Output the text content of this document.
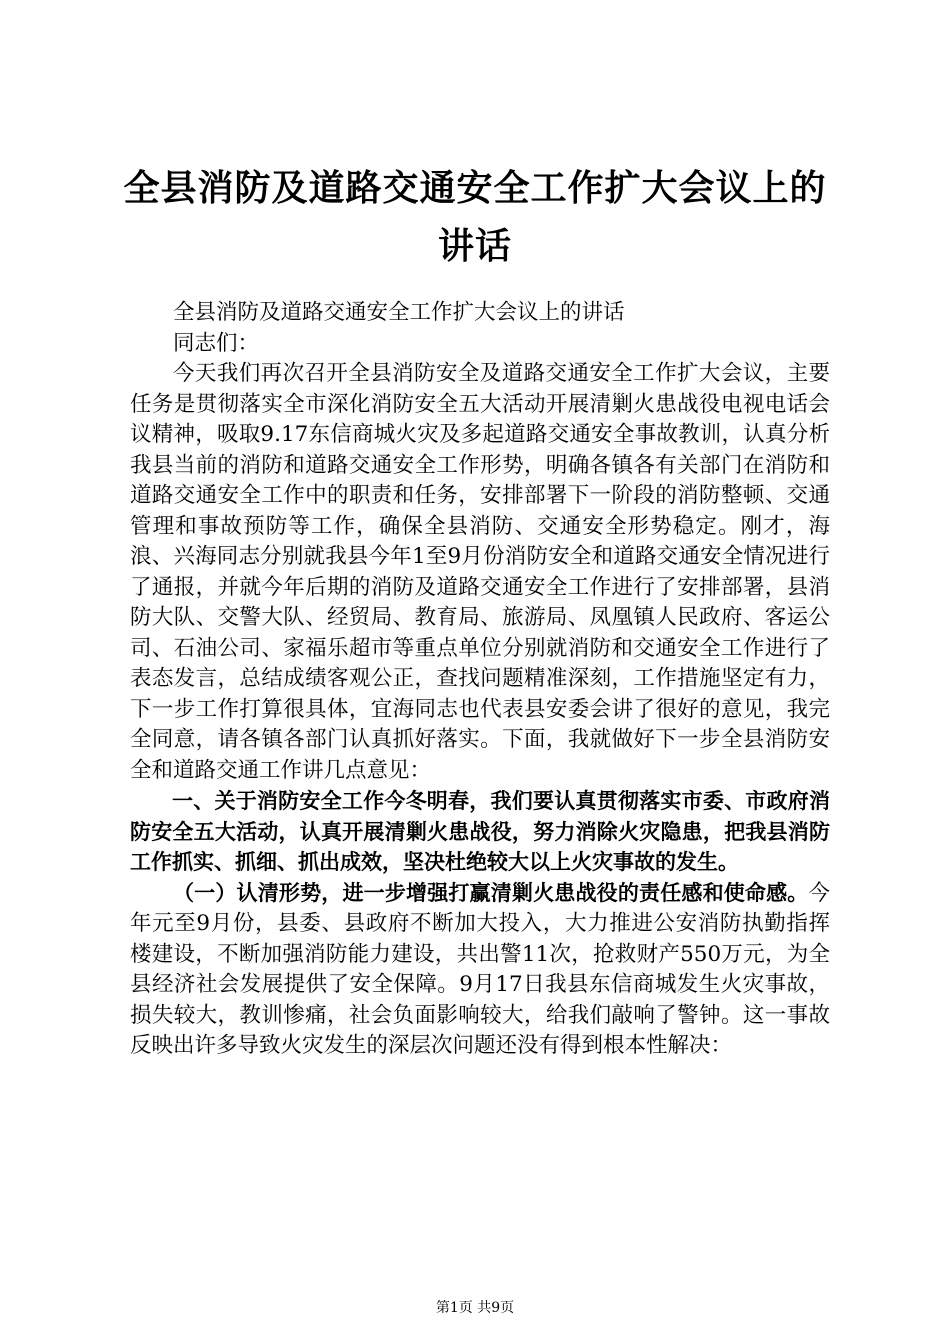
全县消防及道路交通安全工作扩大会议上的讲话

全县消防及道路交通安全工作扩大会议上的讲话

同志们：

今天我们再次召开全县消防安全及道路交通安全工作扩大会议，主要任务是贯彻落实全市深化消防安全五大活动开展清剿火患战役电视电话会议精神，吸取9.17东信商城火灾及多起道路交通安全事故教训，认真分析我县当前的消防和道路交通安全工作形势，明确各镇各有关部门在消防和道路交通安全工作中的职责和任务，安排部署下一阶段的消防整顿、交通管理和事故预防等工作，确保全县消防、交通安全形势稳定。刚才，海浪、兴海同志分别就我县今年1至9月份消防安全和道路交通安全情况进行了通报，并就今年后期的消防及道路交通安全工作进行了安排部署，县消防大队、交警大队、经贸局、教育局、旅游局、凤凰镇人民政府、客运公司、石油公司、家福乐超市等重点单位分别就消防和交通安全工作进行了表态发言，总结成绩客观公正，查找问题精准深刻，工作措施坚定有力，下一步工作打算很具体，宜海同志也代表县安委会讲了很好的意见，我完全同意，请各镇各部门认真抓好落实。下面，我就做好下一步全县消防安全和道路交通工作讲几点意见：

一、关于消防安全工作今冬明春，我们要认真贯彻落实市委、市政府消防安全五大活动，认真开展清剿火患战役，努力消除火灾隐患，把我县消防工作抓实、抓细、抓出成效，坚决杜绝较大以上火灾事故的发生。

（一）认清形势，进一步增强打赢清剿火患战役的责任感和使命感。今年元至9月份，县委、县政府不断加大投入，大力推进公安消防执勤指挥楼建设，不断加强消防能力建设，共出警11次，抢救财产550万元，为全县经济社会发展提供了安全保障。9月17日我县东信商城发生火灾事故，损失较大，教训惨痛，社会负面影响较大，给我们敲响了警钟。这一事故反映出许多导致火灾发生的深层次问题还没有得到根本性解决：

第1页 共9页
